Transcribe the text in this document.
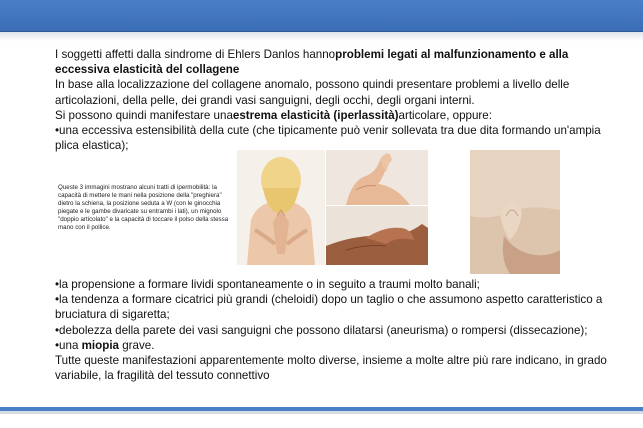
I soggetti affetti dalla sindrome di Ehlers Danlos hannoproblemi legati al malfunzionamento e alla eccessiva elasticità del collagene

In base alla localizzazione del collagene anomalo, possono quindi presentare problemi a livello delle articolazioni, della pelle, dei grandi vasi sanguigni, degli occhi, degli organi interni.

Si possono quindi manifestare unaestrema elasticità (iperlassità)articolare, oppure:

•una eccessiva estensibilità della cute (che tipicamente può venir sollevata tra due dita formando un'ampia plica elastica);

Queste 3 immagini mostrano alcuni tratti di ipermobilità: la capacità di mettere le mani nella posizione della "preghiera" dietro la schiena, la posizione seduta a W (con le ginocchia piegate e le gambe divaricate su entrambi i lati), un mignolo "doppio articolato" e la capacità di toccare il polso della stessa mano con il pollice.

•la propensione a formare lividi spontaneamente o in seguito a traumi molto banali;

•la tendenza a formare cicatrici più grandi (cheloidi) dopo un taglio o che assumono aspetto caratteristico a bruciatura di sigaretta;

•debolezza della parete dei vasi sanguigni che possono dilatarsi (aneurisma) o rompersi (dissecazione);

•una miopia grave.

Tutte queste manifestazioni apparentemente molto diverse, insieme a molte altre più rare indicano, in grado variabile, la fragilità del tessuto connettivo
